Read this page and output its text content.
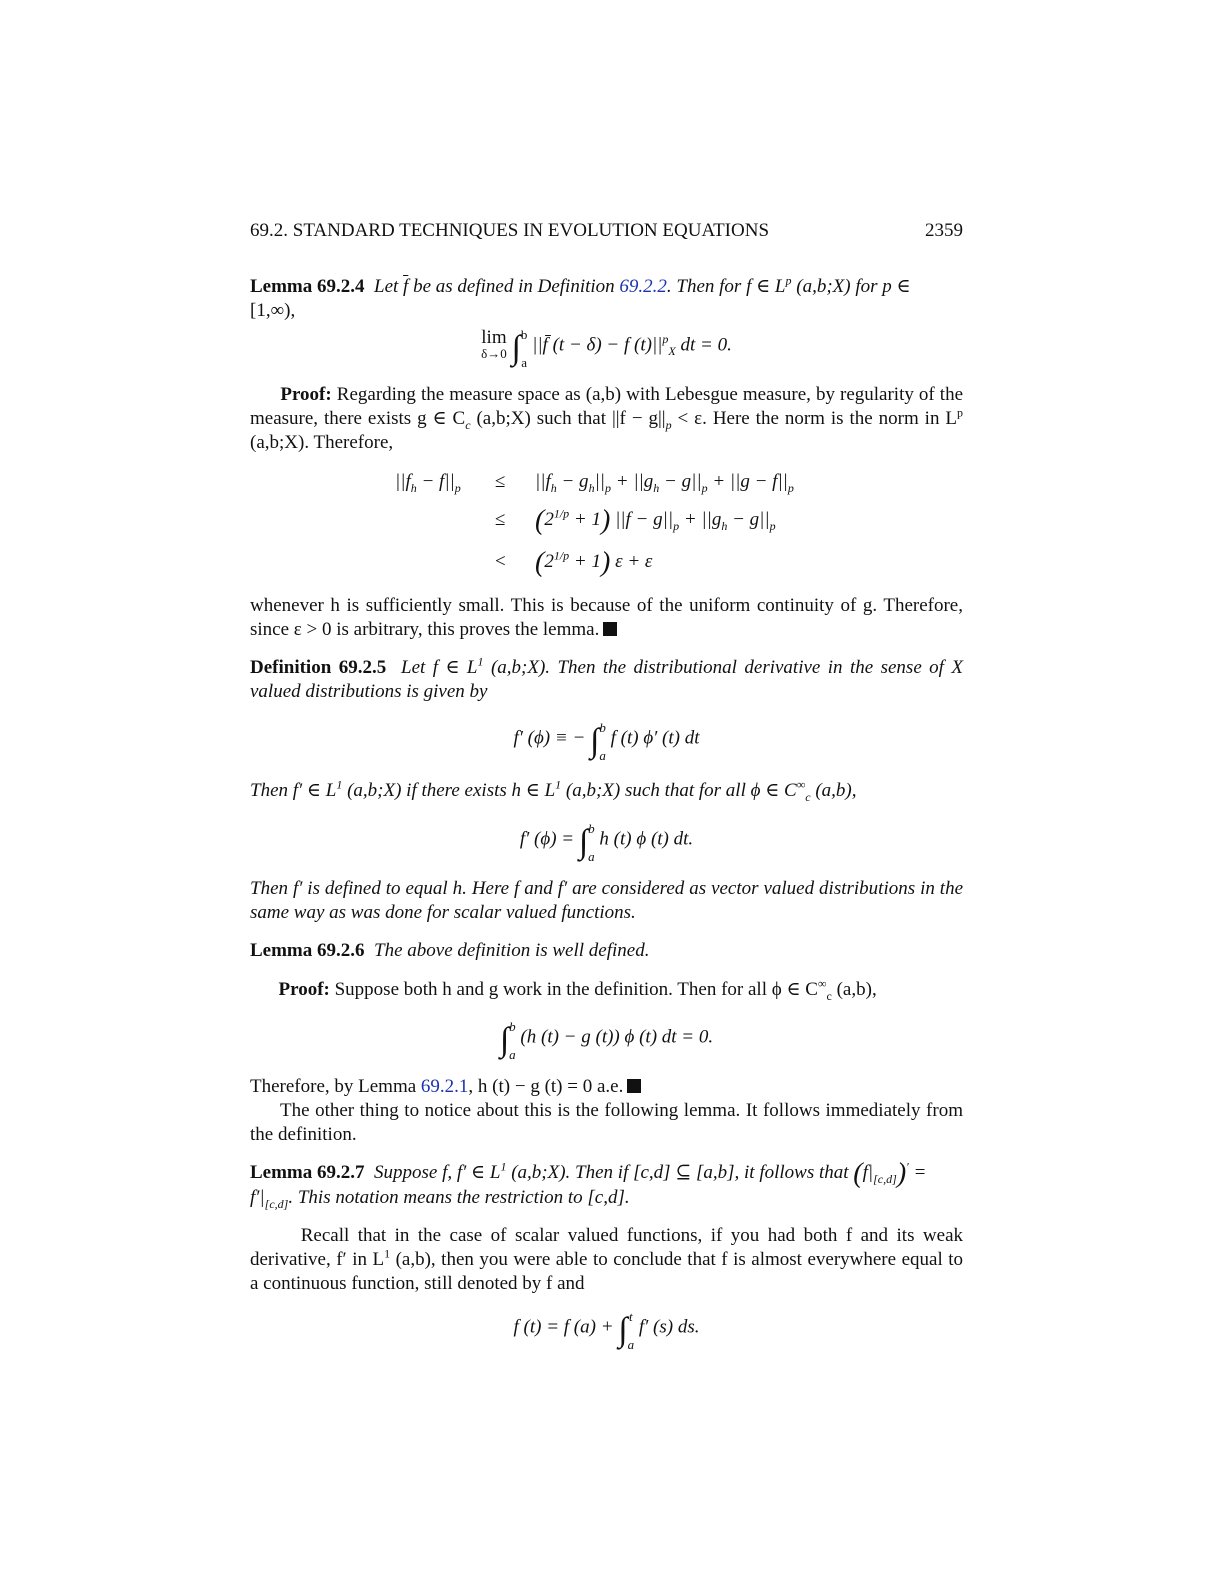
69.2. STANDARD TECHNIQUES IN EVOLUTION EQUATIONS	2359
Lemma 69.2.4 Let $\overline{f}$ be as defined in Definition 69.2.2. Then for f ∈ $L^p$ (a,b;X) for p ∈
[1,∞),
lim
δ→0 ∫ b
a
||f̄ (t − δ) − f $(t)||^p_X$ dt = 0.
Proof: Regarding the measure space as (a,b) with Lebesgue measure, by regularity of the measure, there exists g ∈ $C_c$ (a,b;X) such that $||f - g||_p < \varepsilon$. Here the norm is the norm in $L^p$ (a,b;X). Therefore,
$||f_h - f||_p \le ||f_h - g_h||_p + ||g_h - g||_p + ||g - f||_p$
≤ $(2^{1/p} + 1) ||f - g||_p + ||g_h - g||_p$
< $(2^{1/p} + 1) \varepsilon + \varepsilon$
whenever h is sufficiently small. This is because of the uniform continuity of g. Therefore, since ε > 0 is arbitrary, this proves the lemma.
Definition 69.2.5 Let f ∈ $L^1$ (a,b;X). Then the distributional derivative in the sense of X valued distributions is given by
f′ (ϕ) ≡ − ∫ b
a
f (t) ϕ′ (t) dt
Then f′ ∈ $L^1$ (a,b;X) if there exists h ∈ $L^1$ (a,b;X) such that for all ϕ ∈ $C^\infty_c$ (a,b),
f′ (ϕ) = ∫ b
a
h (t) ϕ (t) dt.
Then f′ is defined to equal h. Here f and f′ are considered as vector valued distributions in the same way as was done for scalar valued functions.
Lemma 69.2.6 The above definition is well defined.
Proof: Suppose both h and g work in the definition. Then for all ϕ ∈ $C^\infty_c$ (a,b),
∫ b
a
(h (t) − g (t)) ϕ (t) dt = 0.
Therefore, by Lemma 69.2.1, h (t) − g (t) = 0 a.e.

The other thing to notice about this is the following lemma. It follows immediately from the definition.
Lemma 69.2.7 Suppose f, f′ ∈ $L^1$ (a,b;X). Then if [c,d] ⊆ [a,b], it follows that $(f|_{[c,d]})'$ =
$f'|_{[c,d]}$. This notation means the restriction to [c,d].
Recall that in the case of scalar valued functions, if you had both f and its weak derivative, f′ in $L^1$ (a,b), then you were able to conclude that f is almost everywhere equal to a continuous function, still denoted by f and
f (t) = f (a) + ∫ t
a
f′ (s) ds.
